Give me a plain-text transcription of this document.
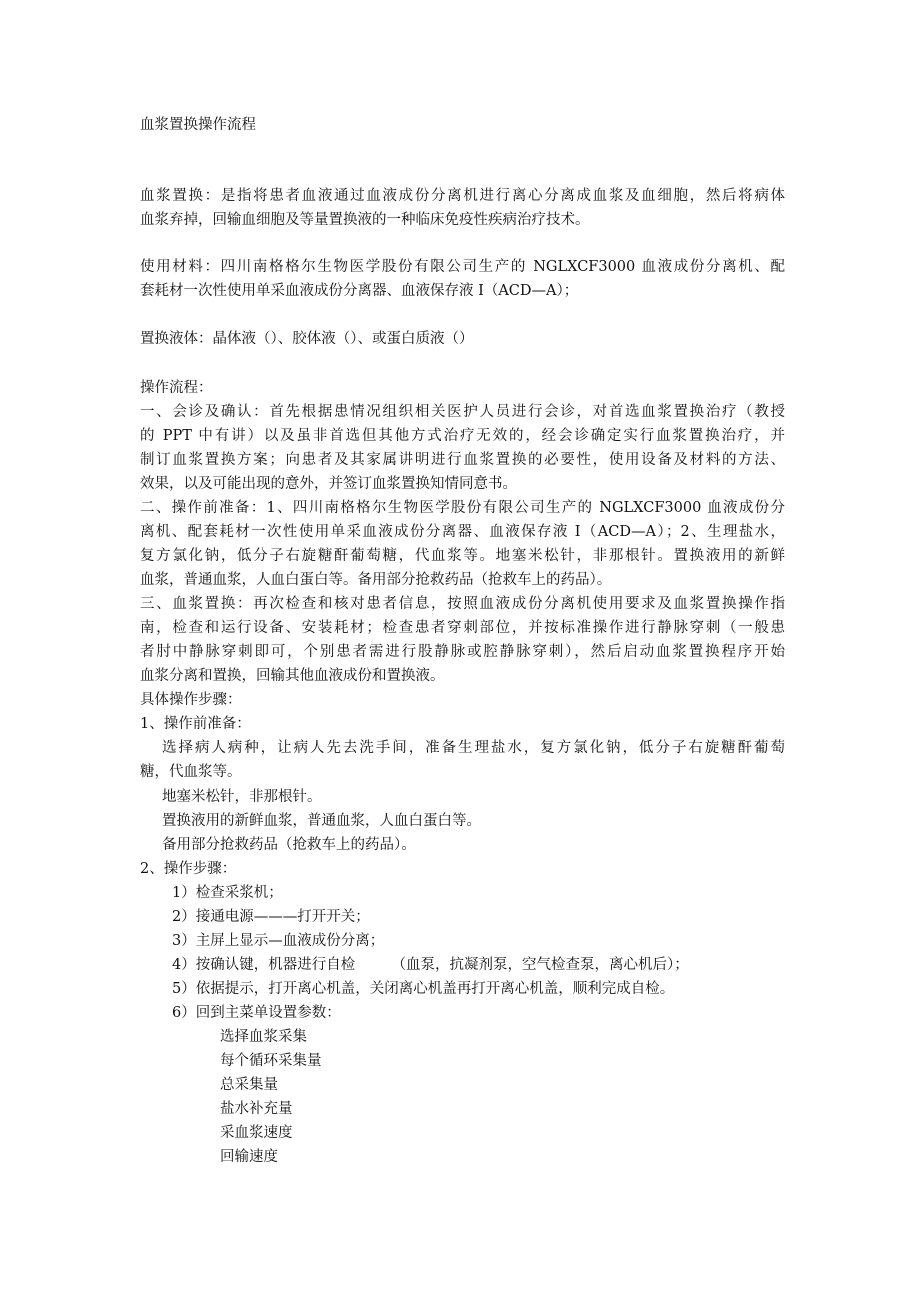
血浆置换操作流程
血浆置换：是指将患者血液通过血液成份分离机进行离心分离成血浆及血细胞，然后将病体
血浆弃掉，回输血细胞及等量置换液的一种临床免疫性疾病治疗技术。
使用材料：四川南格格尔生物医学股份有限公司生产的 NGLXCF3000 血液成份分离机、配
套耗材一次性使用单采血液成份分离器、血液保存液 I（ACD—A）；
置换液体：晶体液（）、胶体液（）、或蛋白质液（）
操作流程：
一、会诊及确认：首先根据患情况组织相关医护人员进行会诊，对首选血浆置换治疗（教授
的 PPT 中有讲）以及虽非首选但其他方式治疗无效的，经会诊确定实行血浆置换治疗，并
制订血浆置换方案；向患者及其家属讲明进行血浆置换的必要性，使用设备及材料的方法、
效果，以及可能出现的意外，并签订血浆置换知情同意书。
二、操作前准备：1、四川南格格尔生物医学股份有限公司生产的 NGLXCF3000 血液成份分
离机、配套耗材一次性使用单采血液成份分离器、血液保存液 I（ACD—A）；2、生理盐水，
复方氯化钠，低分子右旋糖酐葡萄糖，代血浆等。地塞米松针，非那根针。置换液用的新鲜
血浆，普通血浆，人血白蛋白等。备用部分抢救药品（抢救车上的药品）。
三、血浆置换：再次检查和核对患者信息，按照血液成份分离机使用要求及血浆置换操作指
南，检查和运行设备、安装耗材；检查患者穿刺部位，并按标准操作进行静脉穿刺（一般患
者肘中静脉穿刺即可，个别患者需进行股静脉或腔静脉穿刺），然后启动血浆置换程序开始
血浆分离和置换，回输其他血液成份和置换液。
具体操作步骤：
1、操作前准备：
选择病人病种，让病人先去洗手间，准备生理盐水，复方氯化钠，低分子右旋糖酐葡萄
糖，代血浆等。
地塞米松针，非那根针。
置换液用的新鲜血浆，普通血浆，人血白蛋白等。
备用部分抢救药品（抢救车上的药品）。
2、操作步骤：
1）检查采浆机；
2）接通电源———打开开关；
3）主屏上显示—血液成份分离；
4）按确认键，机器进行自检　　　（血泵，抗凝剂泵，空气检查泵，离心机后）；
5）依据提示，打开离心机盖，关闭离心机盖再打开离心机盖，顺利完成自检。
6）回到主菜单设置参数：
选择血浆采集
每个循环采集量
总采集量
盐水补充量
采血浆速度
回输速度
